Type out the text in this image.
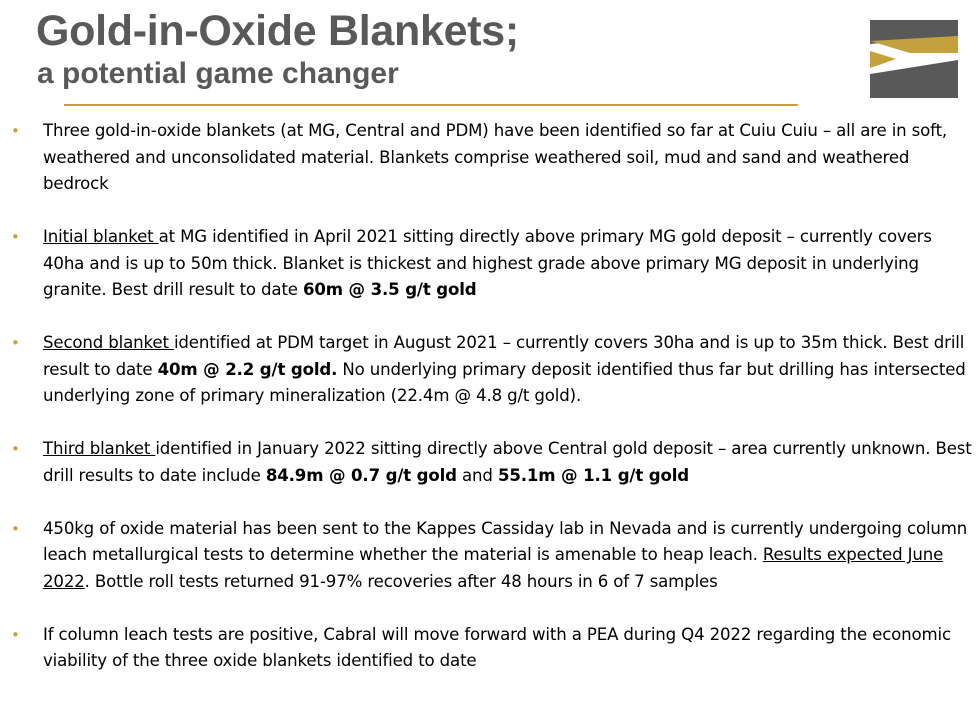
Gold-in-Oxide Blankets;
a potential game changer
• Three gold-in-oxide blankets (at MG, Central and PDM) have been identified so far at Cuiu Cuiu – all are in soft, weathered and unconsolidated material. Blankets comprise weathered soil, mud and sand and weathered bedrock
• Initial blanket at MG identified in April 2021 sitting directly above primary MG gold deposit – currently covers 40ha and is up to 50m thick. Blanket is thickest and highest grade above primary MG deposit in underlying granite. Best drill result to date 60m @ 3.5 g/t gold
• Second blanket identified at PDM target in August 2021 – currently covers 30ha and is up to 35m thick. Best drill result to date 40m @ 2.2 g/t gold. No underlying primary deposit identified thus far but drilling has intersected underlying zone of primary mineralization (22.4m @ 4.8 g/t gold).
• Third blanket identified in January 2022 sitting directly above Central gold deposit – area currently unknown. Best drill results to date include 84.9m @ 0.7 g/t gold and 55.1m @ 1.1 g/t gold
• 450kg of oxide material has been sent to the Kappes Cassiday lab in Nevada and is currently undergoing column leach metallurgical tests to determine whether the material is amenable to heap leach. Results expected June 2022. Bottle roll tests returned 91-97% recoveries after 48 hours in 6 of 7 samples
• If column leach tests are positive, Cabral will move forward with a PEA during Q4 2022 regarding the economic viability of the three oxide blankets identified to date
